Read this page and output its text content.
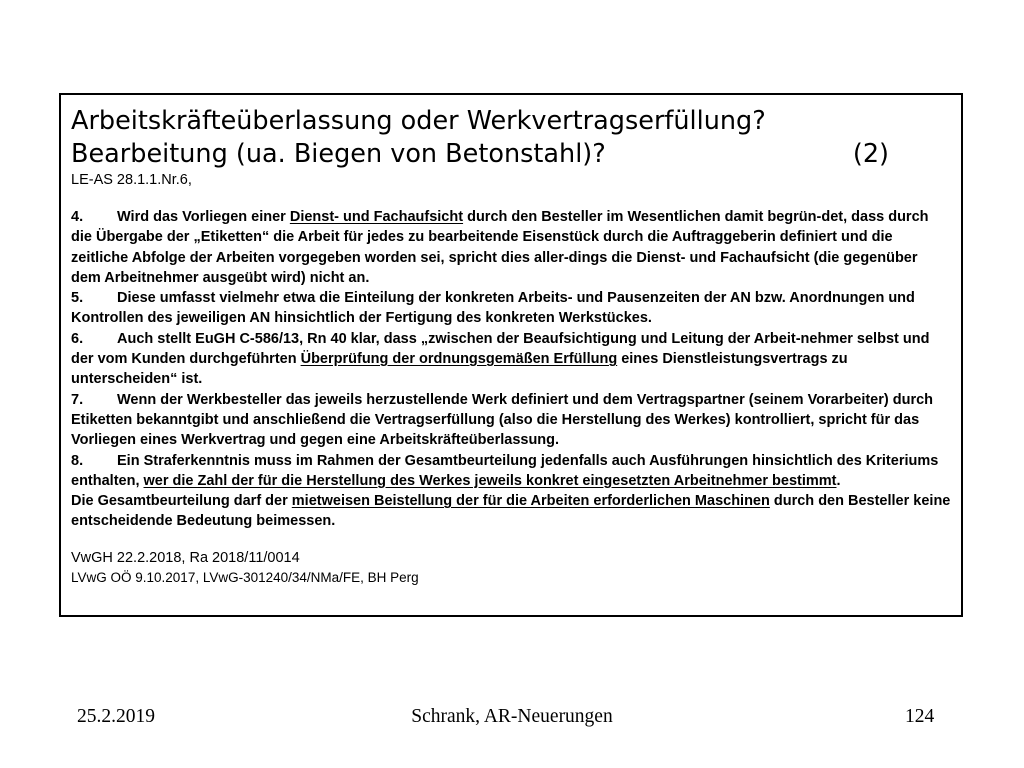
Arbeitskräfteüberlassung oder Werkvertragserfüllung?
Bearbeitung (ua. Biegen von Betonstahl)?	(2)
LE-AS 28.1.1.Nr.6,

4. Wird das Vorliegen einer Dienst- und Fachaufsicht durch den Besteller im Wesentlichen damit begrün-det, dass durch die Übergabe der „Etiketten“ die Arbeit für jedes zu bearbeitende Eisenstück durch die Auftraggeberin definiert und die zeitliche Abfolge der Arbeiten vorgegeben worden sei, spricht dies aller-dings die Dienst- und Fachaufsicht (die gegenüber dem Arbeitnehmer ausgeübt wird) nicht an.

5. Diese umfasst vielmehr etwa die Einteilung der konkreten Arbeits- und Pausenzeiten der AN bzw. Anordnungen und Kontrollen des jeweiligen AN hinsichtlich der Fertigung des konkreten Werkstückes.

6. Auch stellt EuGH C-586/13, Rn 40 klar, dass „zwischen der Beaufsichtigung und Leitung der Arbeit-nehmer selbst und der vom Kunden durchgeführten Überprüfung der ordnungsgemäßen Erfüllung eines Dienstleistungsvertrags zu unterscheiden“ ist.

7. Wenn der Werkbesteller das jeweils herzustellende Werk definiert und dem Vertragspartner (seinem Vorarbeiter) durch Etiketten bekanntgibt und anschließend die Vertragserfüllung (also die Herstellung des Werkes) kontrolliert, spricht für das Vorliegen eines Werkvertrag und gegen eine Arbeitskräfteüberlassung.

8. Ein Straferkenntnis muss im Rahmen der Gesamtbeurteilung jedenfalls auch Ausführungen hinsichtlich des Kriteriums enthalten, wer die Zahl der für die Herstellung des Werkes jeweils konkret eingesetzten Arbeitnehmer bestimmt.

Die Gesamtbeurteilung darf der mietweisen Beistellung der für die Arbeiten erforderlichen Maschinen durch den Besteller keine entscheidende Bedeutung beimessen.

VwGH 22.2.2018, Ra 2018/11/0014
LVwG OÖ 9.10.2017, LVwG-301240/34/NMa/FE, BH Perg
25.2.2019	Schrank, AR-Neuerungen	124
